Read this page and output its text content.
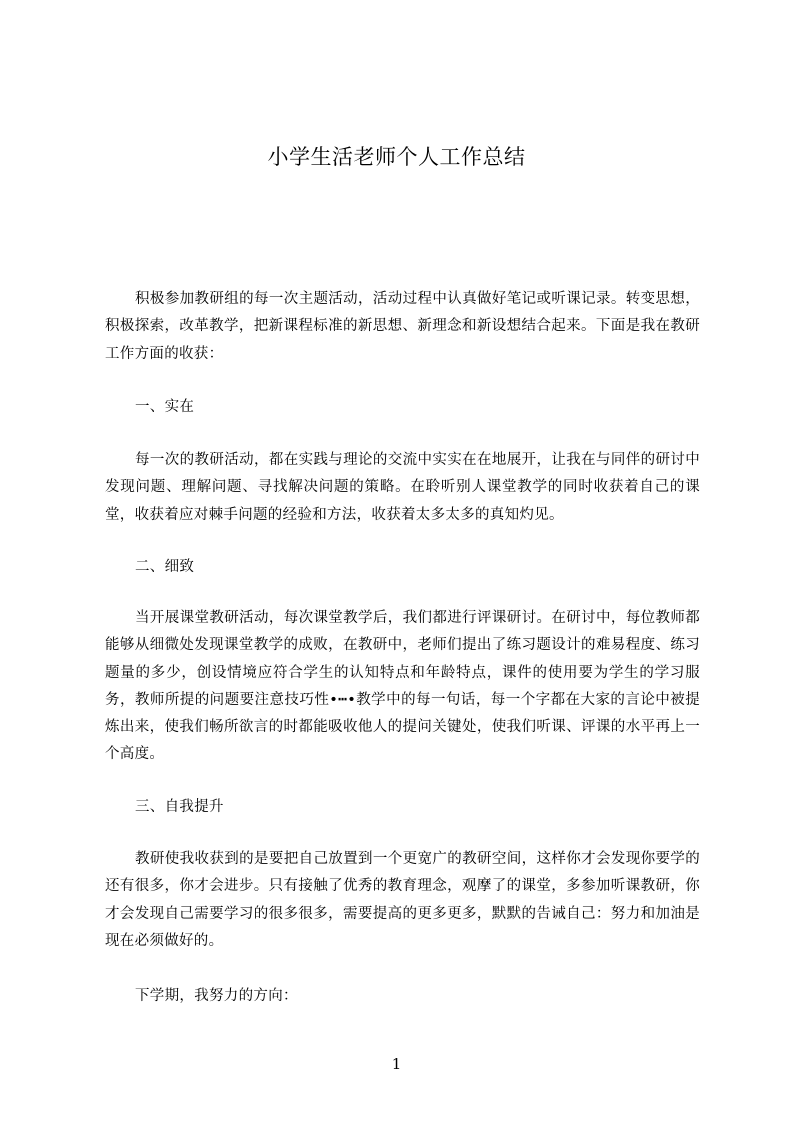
小学生活老师个人工作总结

积极参加教研组的每一次主题活动，活动过程中认真做好笔记或听课记录。转变思想，积极探索，改革教学，把新课程标准的新思想、新理念和新设想结合起来。下面是我在教研工作方面的收获：

一、实在

每一次的教研活动，都在实践与理论的交流中实实在在地展开，让我在与同伴的研讨中发现问题、理解问题、寻找解决问题的策略。在聆听别人课堂教学的同时收获着自己的课堂，收获着应对棘手问题的经验和方法，收获着太多太多的真知灼见。

二、细致

当开展课堂教研活动，每次课堂教学后，我们都进行评课研讨。在研讨中，每位教师都能够从细微处发现课堂教学的成败，在教研中，老师们提出了练习题设计的难易程度、练习题量的多少，创设情境应符合学生的认知特点和年龄特点，课件的使用要为学生的学习服务，教师所提的问题要注意技巧性•┅•教学中的每一句话，每一个字都在大家的言论中被提炼出来，使我们畅所欲言的时都能吸收他人的提问关键处，使我们听课、评课的水平再上一个高度。

三、自我提升

教研使我收获到的是要把自己放置到一个更宽广的教研空间，这样你才会发现你要学的还有很多，你才会进步。只有接触了优秀的教育理念，观摩了的课堂，多参加听课教研，你才会发现自己需要学习的很多很多，需要提高的更多更多，默默的告诫自己：努力和加油是现在必须做好的。

下学期，我努力的方向：
1
